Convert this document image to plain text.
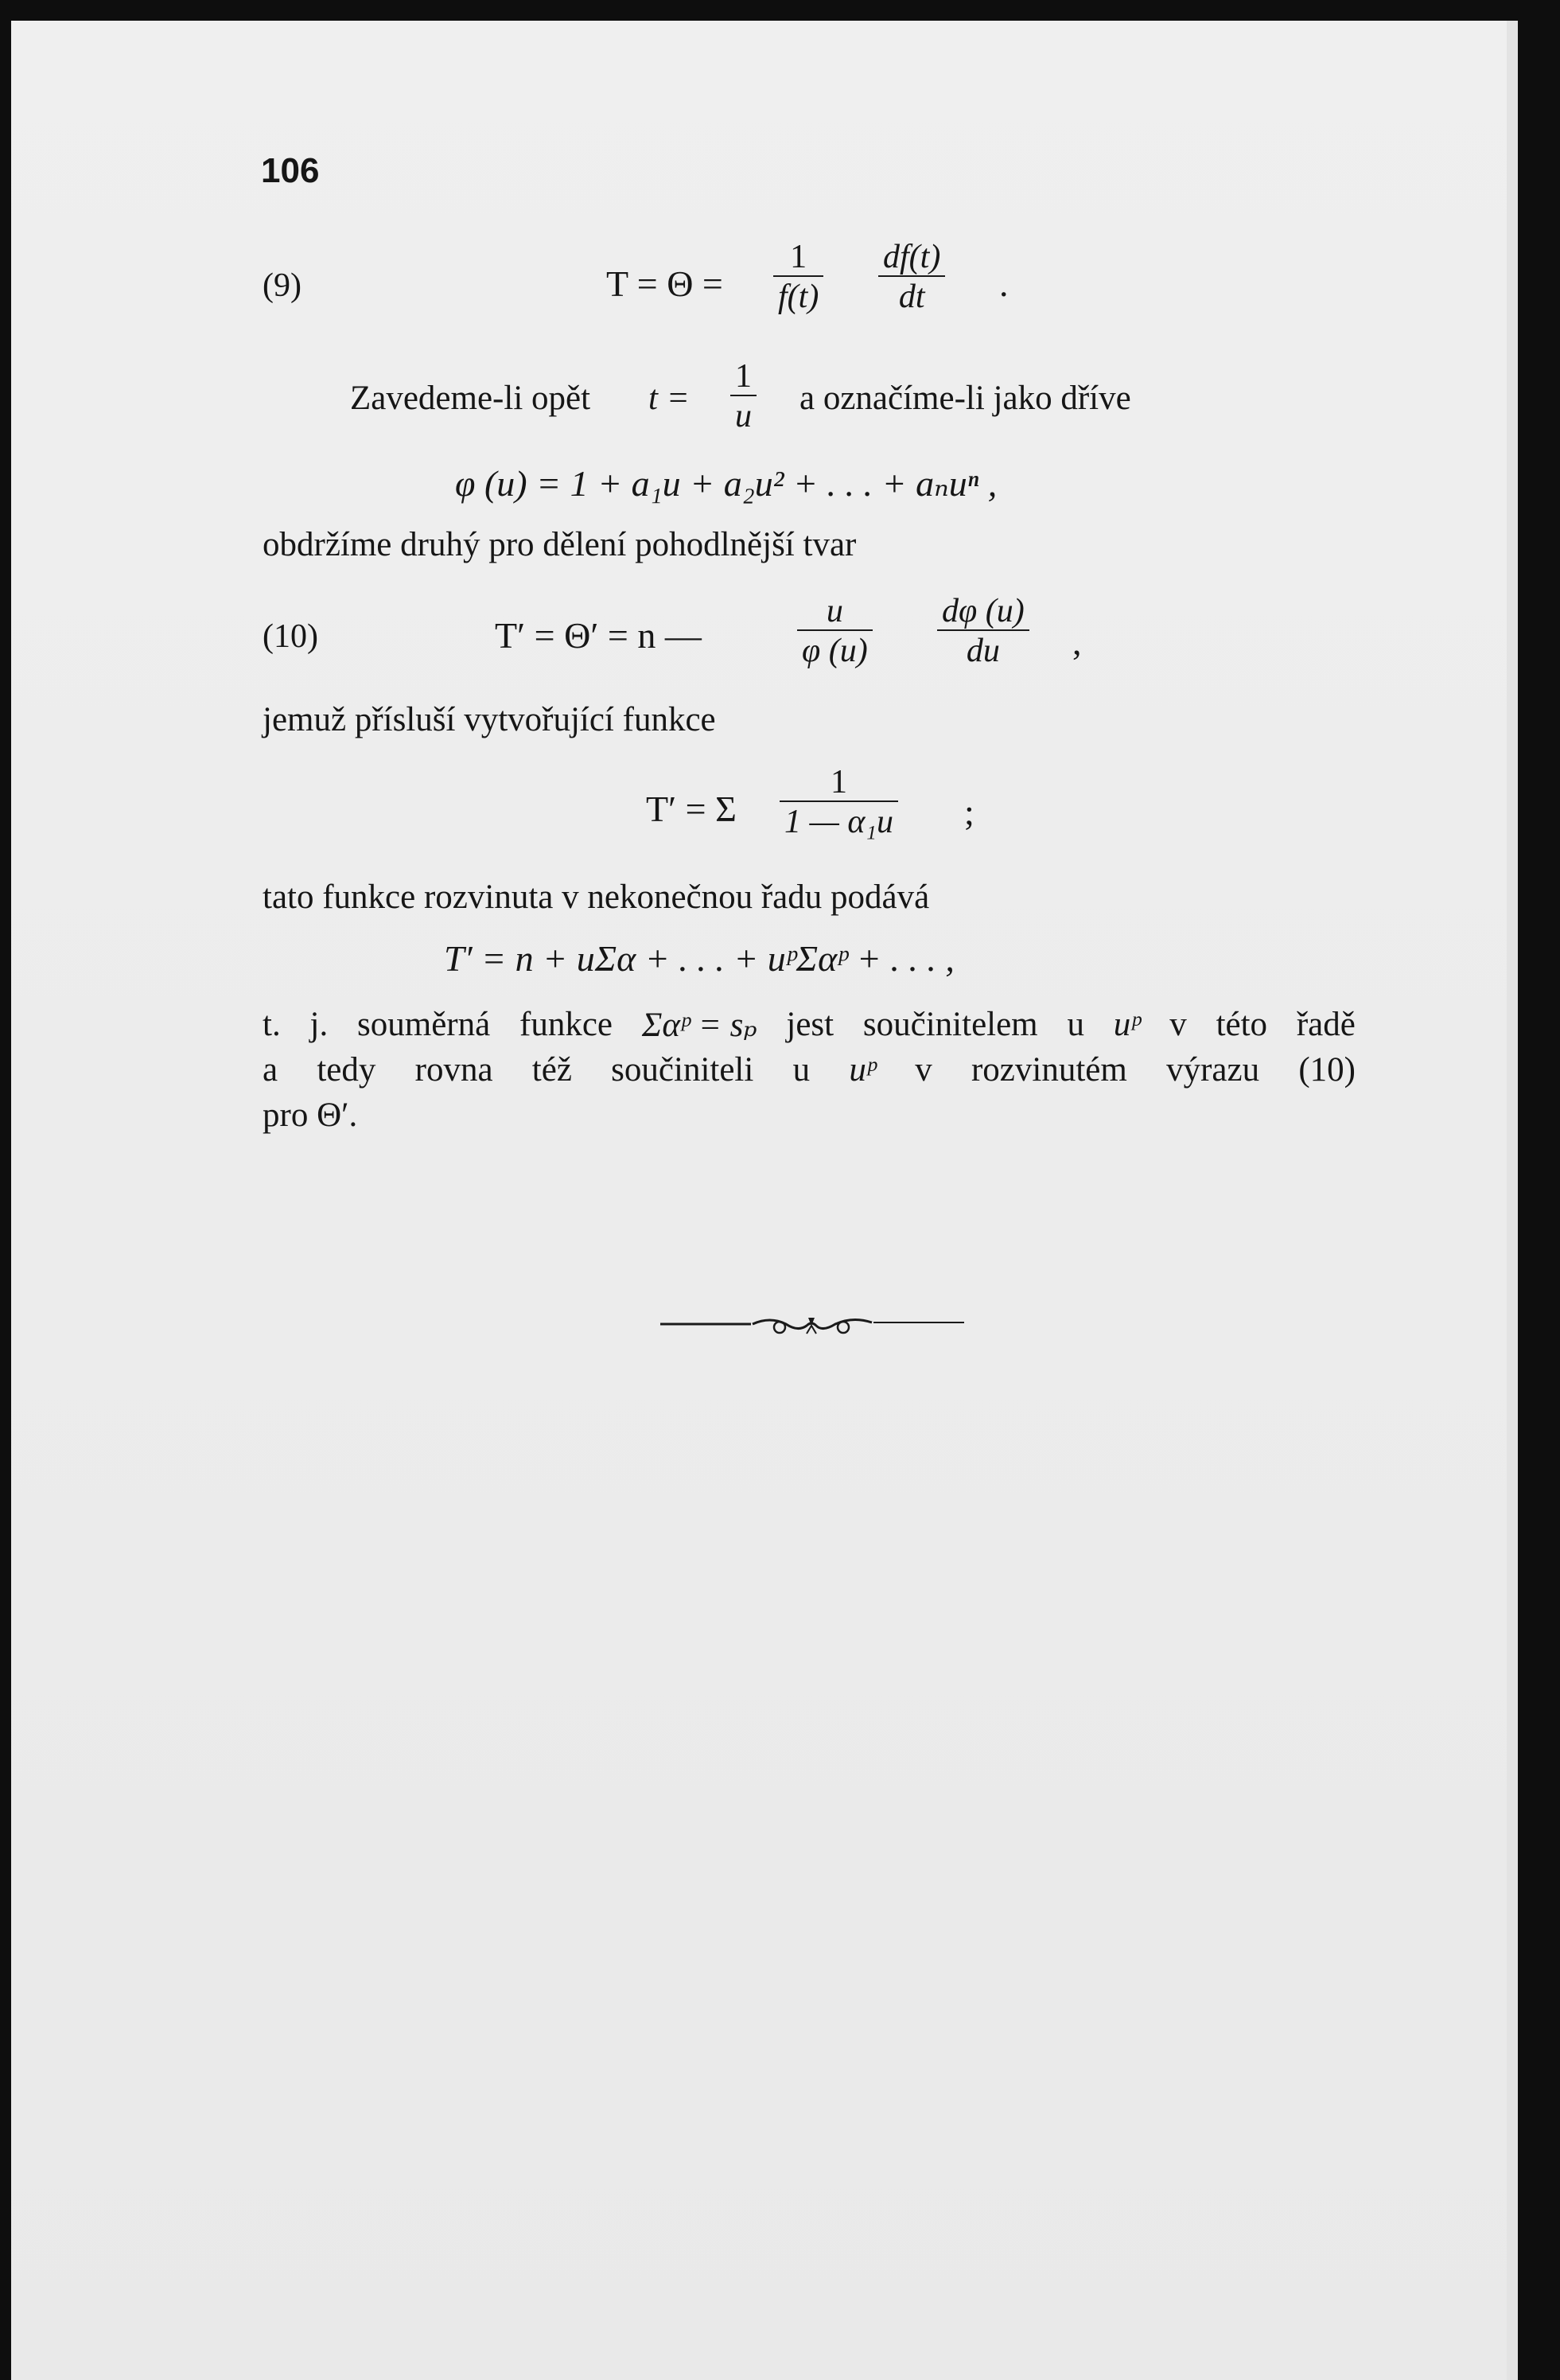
106
(9)	T = Θ =
1
f(t)
df(t)
dt .
Zavedeme-li opět t =
1
u a označíme-li jako dříve
φ (u) = 1 + a₁u + a₂u² + . . . + aₙuⁿ ,
obdržíme druhý pro dělení pohodlnější tvar
(10)	T′ = Θ′ = n —
u
φ (u)
dφ (u)
du ,
jemuž přísluší vytvořující funkce
T′ = Σ
1
1 — α₁u ;
tato funkce rozvinuta v nekonečnou řadu podává
T′ = n + uΣα + . . . + uᵖΣαᵖ + . . . ,
t. j. souměrná funkce Σαᵖ = sₚ jest součinitelem u uᵖ v této řadě
a tedy rovna též součiniteli u uᵖ v rozvinutém výrazu (10)
pro Θ′.
